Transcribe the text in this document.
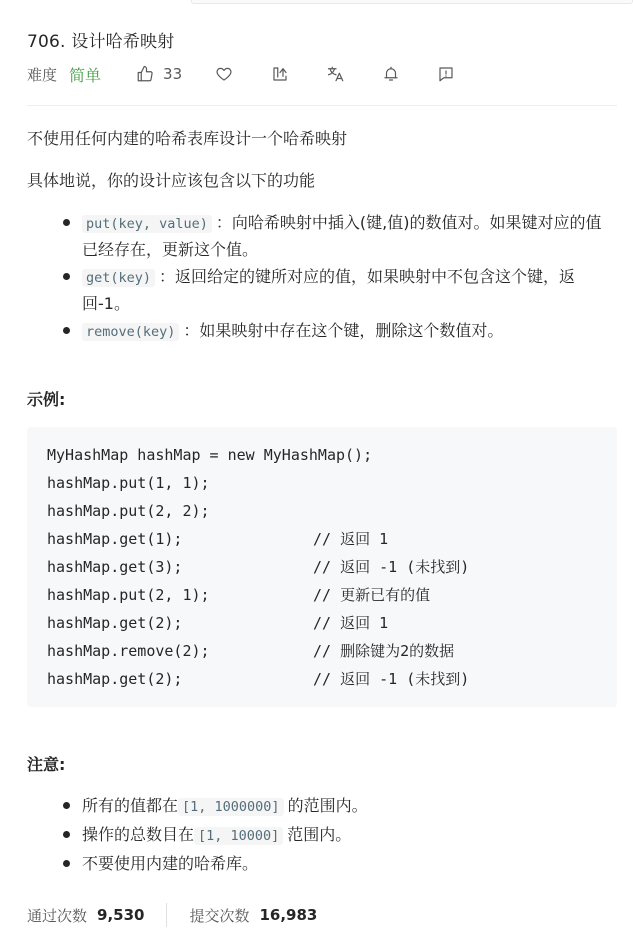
706. 设计哈希映射
难度 简单	33
不使用任何内建的哈希表库设计一个哈希映射
具体地说，你的设计应该包含以下的功能
put(key, value) ：向哈希映射中插入(键,值)的数值对。如果键对应的值已经存在，更新这个值。
get(key) ：返回给定的键所对应的值，如果映射中不包含这个键，返回-1。
remove(key) ：如果映射中存在这个键，删除这个数值对。
示例:
MyHashMap hashMap = new MyHashMap();
hashMap.put(1, 1);
hashMap.put(2, 2);
hashMap.get(1);	// 返回 1
hashMap.get(3);	// 返回 -1 (未找到)
hashMap.put(2, 1);	// 更新已有的值
hashMap.get(2);	// 返回 1
hashMap.remove(2);	// 删除键为2的数据
hashMap.get(2);	// 返回 -1 (未找到)
注意:
所有的值都在 [1, 1000000] 的范围内。
操作的总数目在 [1, 10000] 范围内。
不要使用内建的哈希库。
通过次数 9,530	提交次数 16,983
